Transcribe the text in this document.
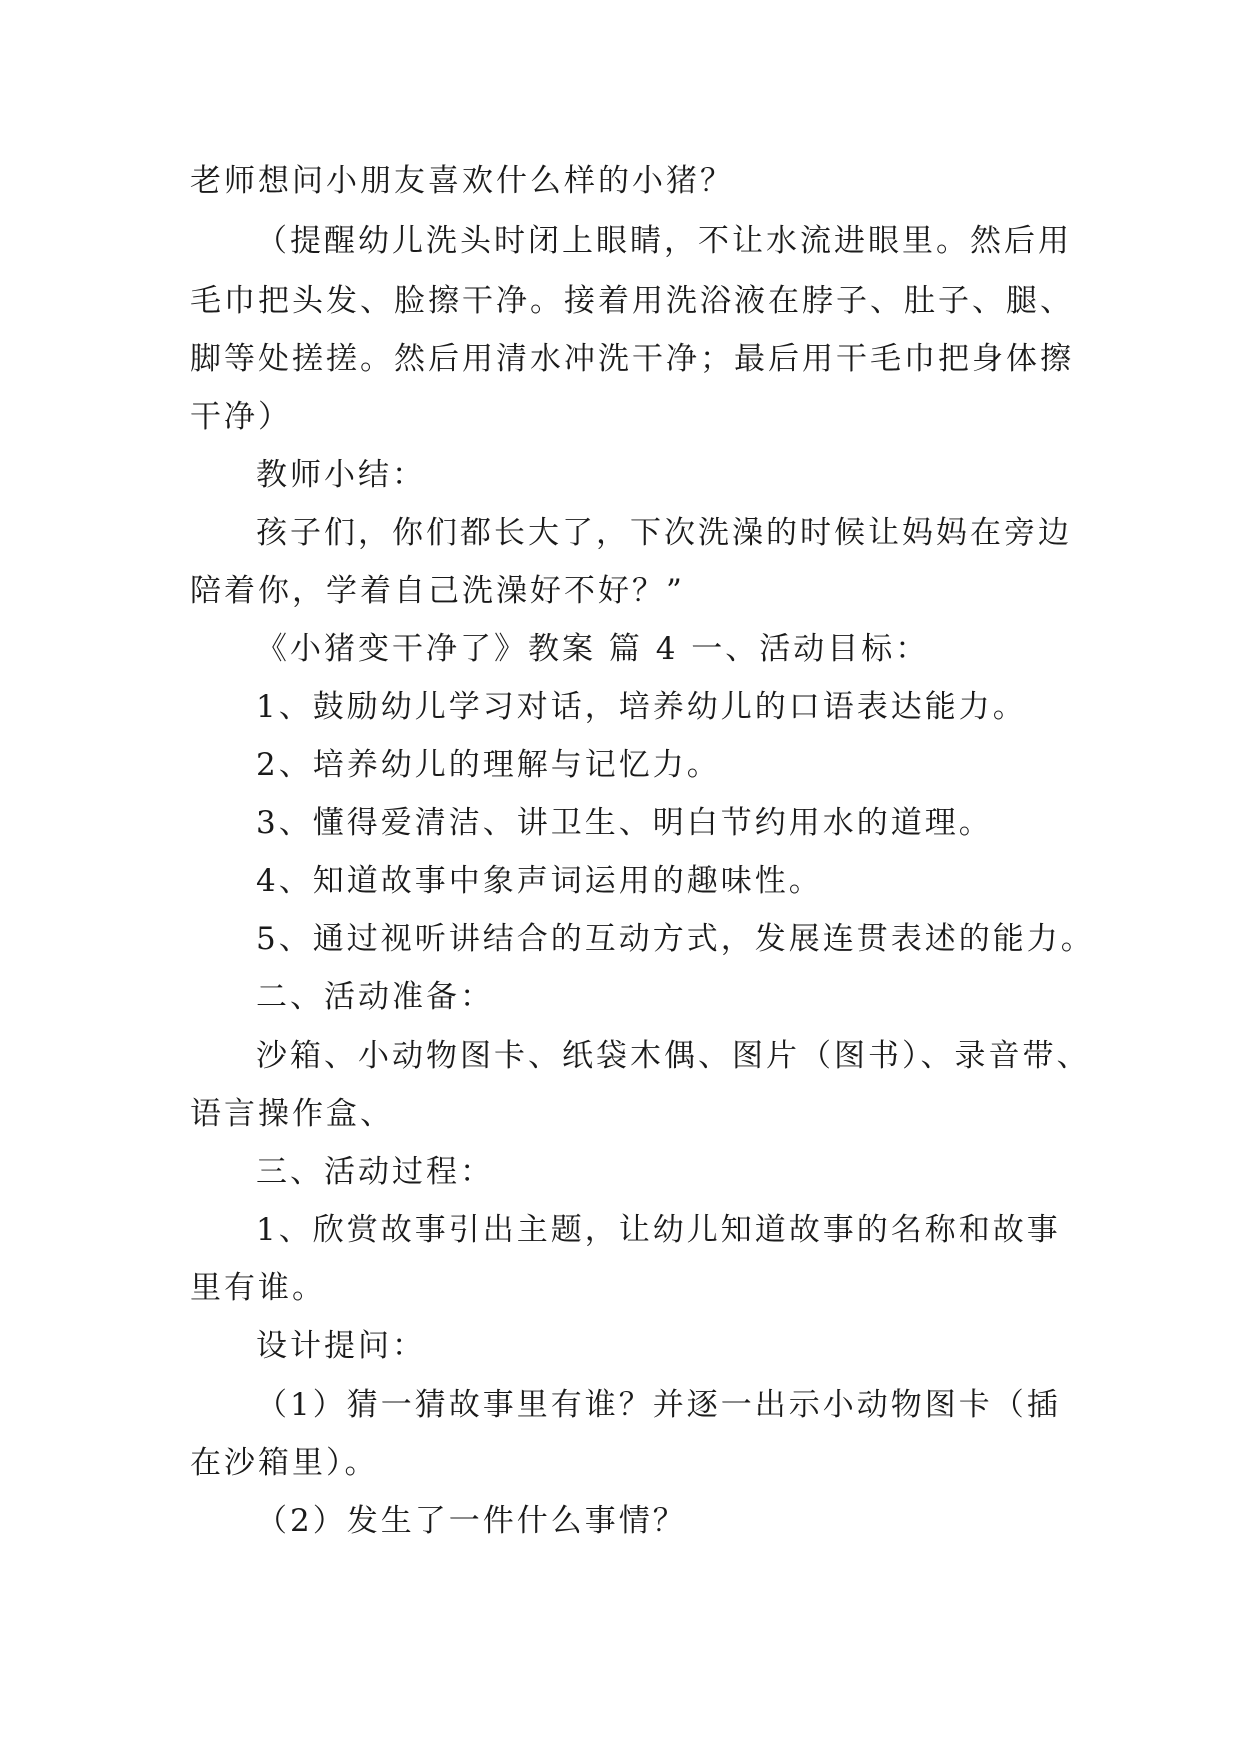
老师想问小朋友喜欢什么样的小猪？
（提醒幼儿洗头时闭上眼睛，不让水流进眼里。然后用
毛巾把头发、脸擦干净。接着用洗浴液在脖子、肚子、腿、
脚等处搓搓。然后用清水冲洗干净；最后用干毛巾把身体擦
干净）
教师小结：
孩子们，你们都长大了，下次洗澡的时候让妈妈在旁边
陪着你，学着自己洗澡好不好？”
《小猪变干净了》教案 篇 4 一、活动目标：
1、鼓励幼儿学习对话，培养幼儿的口语表达能力。
2、培养幼儿的理解与记忆力。
3、懂得爱清洁、讲卫生、明白节约用水的道理。
4、知道故事中象声词运用的趣味性。
5、通过视听讲结合的互动方式，发展连贯表述的能力。
二、活动准备：
沙箱、小动物图卡、纸袋木偶、图片（图书）、录音带、
语言操作盒、
三、活动过程：
1、欣赏故事引出主题，让幼儿知道故事的名称和故事
里有谁。
设计提问：
（1）猜一猜故事里有谁？并逐一出示小动物图卡（插
在沙箱里）。
（2）发生了一件什么事情？
